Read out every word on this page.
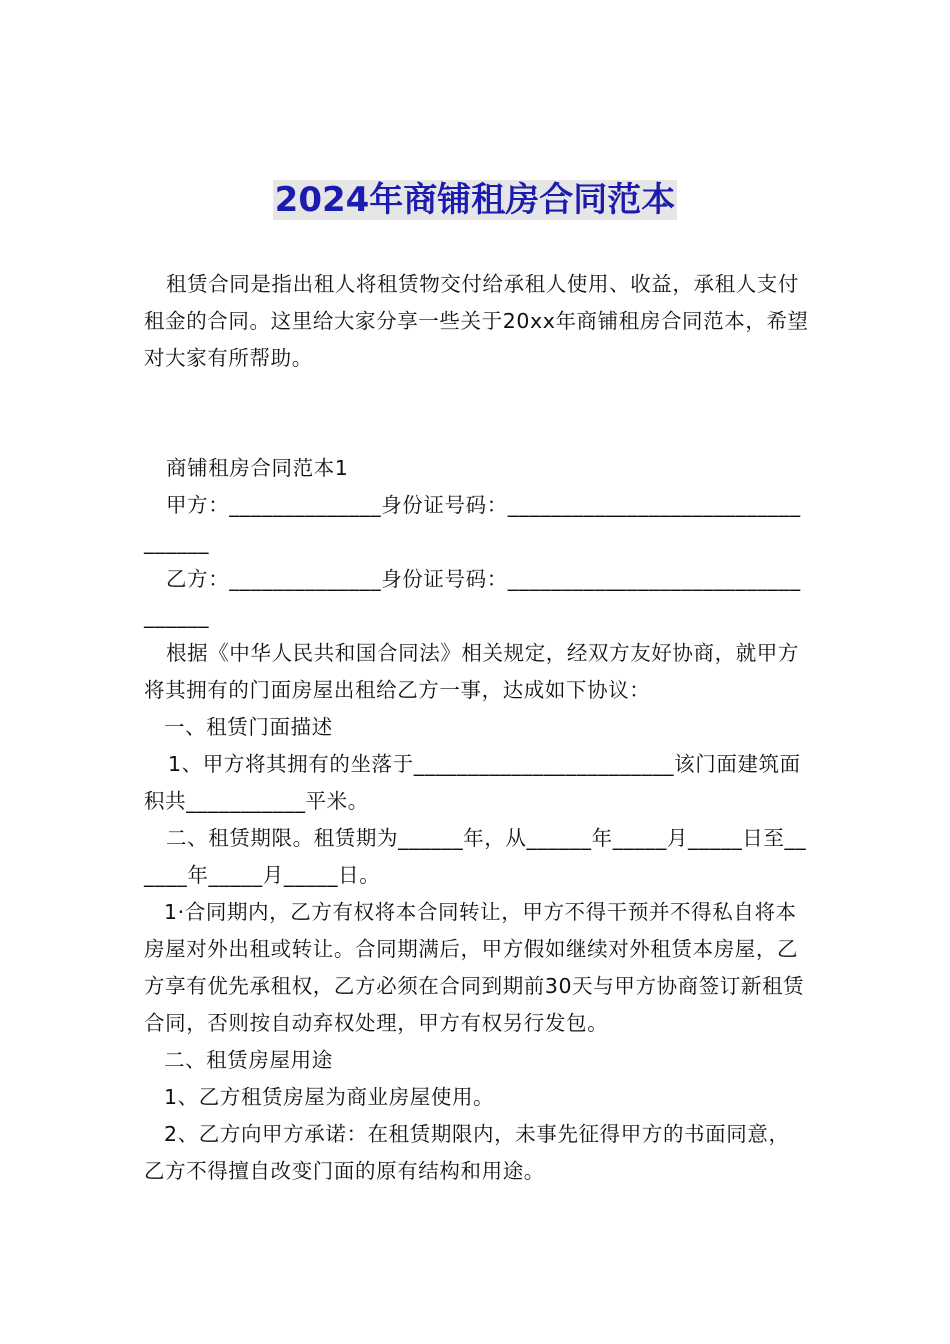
2024年商铺租房合同范本

租赁合同是指出租人将租赁物交付给承租人使用、收益，承租人支付租金的合同。这里给大家分享一些关于20xx年商铺租房合同范本，希望对大家有所帮助。

商铺租房合同范本1

甲方：______________身份证号码：_________________________________

乙方：______________身份证号码：_________________________________

根据《中华人民共和国合同法》相关规定，经双方友好协商，就甲方将其拥有的门面房屋出租给乙方一事，达成如下协议：

一、租赁门面描述

1、甲方将其拥有的坐落于________________________该门面建筑面积共___________平米。

二、租赁期限。租赁期为______年，从______年_____月_____日至______年_____月_____日。

1·合同期内，乙方有权将本合同转让，甲方不得干预并不得私自将本房屋对外出租或转让。合同期满后，甲方假如继续对外租赁本房屋，乙方享有优先承租权，乙方必须在合同到期前30天与甲方协商签订新租赁合同，否则按自动弃权处理，甲方有权另行发包。

二、租赁房屋用途

1、乙方租赁房屋为商业房屋使用。

2、乙方向甲方承诺：在租赁期限内，未事先征得甲方的书面同意，乙方不得擅自改变门面的原有结构和用途。
